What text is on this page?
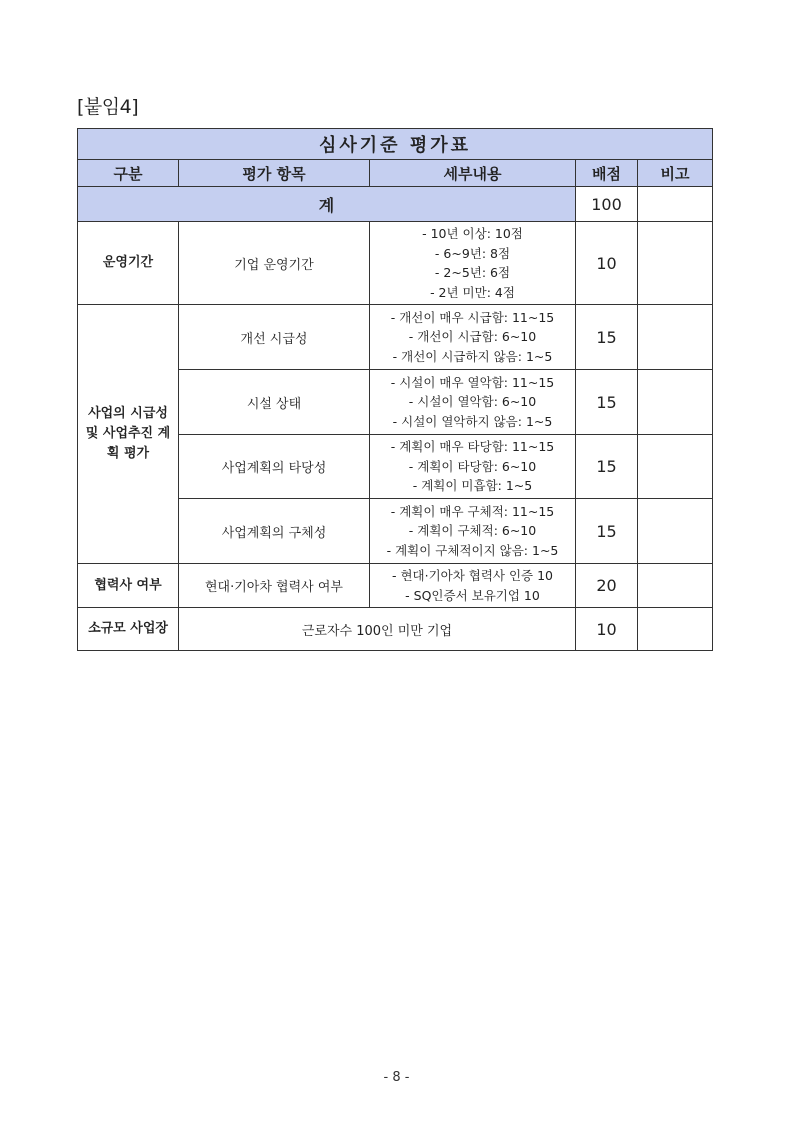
[붙임4]
심사기준 평가표				
구분	평가 항목	세부내용	배점	비고
계			100	
운영기간	기업 운영기간	- 10년 이상: 10점
- 6~9년: 8점
- 2~5년: 6점
- 2년 미만: 4점	10	
사업의 시급성 및 사업추진 계획 평가	개선 시급성	- 개선이 매우 시급함: 11~15
- 개선이 시급함: 6~10
- 개선이 시급하지 않음: 1~5	15	
	시설 상태	- 시설이 매우 열악함: 11~15
- 시설이 열악함: 6~10
- 시설이 열악하지 않음: 1~5	15	
	사업계획의 타당성	- 계획이 매우 타당함: 11~15
- 계획이 타당함: 6~10
- 계획이 미흡함: 1~5	15	
	사업계획의 구체성	- 계획이 매우 구체적: 11~15
- 계획이 구체적: 6~10
- 계획이 구체적이지 않음: 1~5	15	
협력사 여부	현대·기아차 협력사 여부	- 현대·기아차 협력사 인증 10
- SQ인증서 보유기업 10	20	
소규모 사업장	근로자수 100인 미만 기업		10	
- 8 -
